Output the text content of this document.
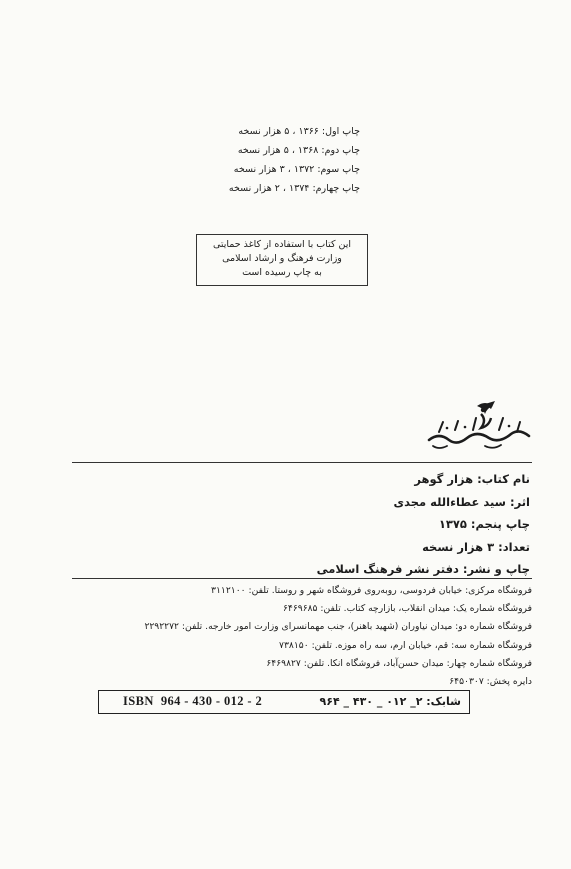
چاپ اول: ۱۳۶۶ ، ۵ هزار نسخه
چاپ دوم: ۱۳۶۸ ، ۵ هزار نسخه
چاپ سوم: ۱۳۷۲ ، ۳ هزار نسخه
چاپ چهارم: ۱۳۷۴ ، ۲ هزار نسخه
این کتاب با استفاده از کاغذ حمایتی
وزارت فرهنگ و ارشاد اسلامی
به چاپ رسیده است
نام کتاب: هزار گوهر
اثر: سید عطاءالله مجدی
چاپ پنجم: ۱۳۷۵
تعداد: ۳ هزار نسخه
چاپ و نشر: دفتر نشر فرهنگ اسلامی
فروشگاه مرکزی: خیابان فردوسی، روبه‌روی فروشگاه شهر و روستا. تلفن: ۳۱۱۲۱۰۰
فروشگاه شماره یک: میدان انقلاب، بازارچه کتاب. تلفن: ۶۴۶۹۶۸۵
فروشگاه شماره دو: میدان نیاوران (شهید باهنر)، جنب مهمانسرای وزارت امور خارجه. تلفن: ۲۲۹۲۲۷۲
فروشگاه شماره سه: قم، خیابان ارم، سه راه موزه. تلفن: ۷۳۸۱۵۰
فروشگاه شماره چهار: میدان حسن‌آباد، فروشگاه انکا. تلفن: ۶۴۶۹۸۲۷
دایره پخش: ۶۴۵۰۳۰۷
ISBN  964 - 430 - 012 - 2	شابک: ۲_ ۰۱۲ _ ۴۳۰ _ ۹۶۴
